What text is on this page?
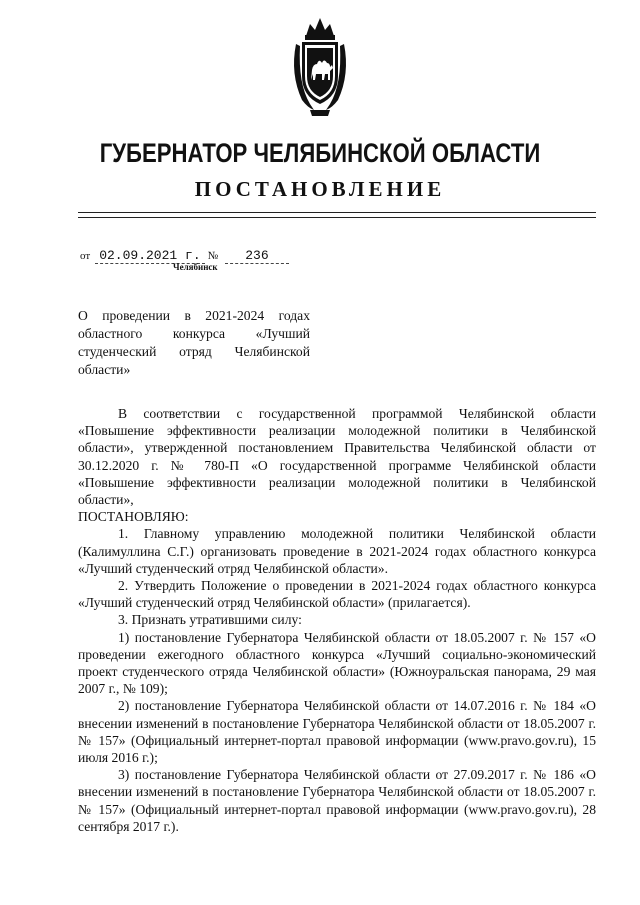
ГУБЕРНАТОР ЧЕЛЯБИНСКОЙ ОБЛАСТИ
ПОСТАНОВЛЕНИЕ
от 02.09.2021 г. № 236
Челябинск
О проведении в 2021-2024 годах областного конкурса «Лучший студенческий отряд Челябинской области»

В соответствии с государственной программой Челябинской области «Повышение эффективности реализации молодежной политики в Челябинской области», утвержденной постановлением Правительства Челябинской области от 30.12.2020 г. № 780-П «О государственной программе Челябинской области «Повышение эффективности реализации молодежной политики в Челябинской области»,

ПОСТАНОВЛЯЮ:

1. Главному управлению молодежной политики Челябинской области (Калимуллина С.Г.) организовать проведение в 2021-2024 годах областного конкурса «Лучший студенческий отряд Челябинской области».

2. Утвердить Положение о проведении в 2021-2024 годах областного конкурса «Лучший студенческий отряд Челябинской области» (прилагается).

3. Признать утратившими силу:

1) постановление Губернатора Челябинской области от 18.05.2007 г. № 157 «О проведении ежегодного областного конкурса «Лучший социально-экономический проект студенческого отряда Челябинской области» (Южноуральская панорама, 29 мая 2007 г., № 109);

2) постановление Губернатора Челябинской области от 14.07.2016 г. № 184 «О внесении изменений в постановление Губернатора Челябинской области от 18.05.2007 г. № 157» (Официальный интернет-портал правовой информации (www.pravo.gov.ru), 15 июля 2016 г.);

3) постановление Губернатора Челябинской области от 27.09.2017 г. № 186 «О внесении изменений в постановление Губернатора Челябинской области от 18.05.2007 г. № 157» (Официальный интернет-портал правовой информации (www.pravo.gov.ru), 28 сентября 2017 г.).
